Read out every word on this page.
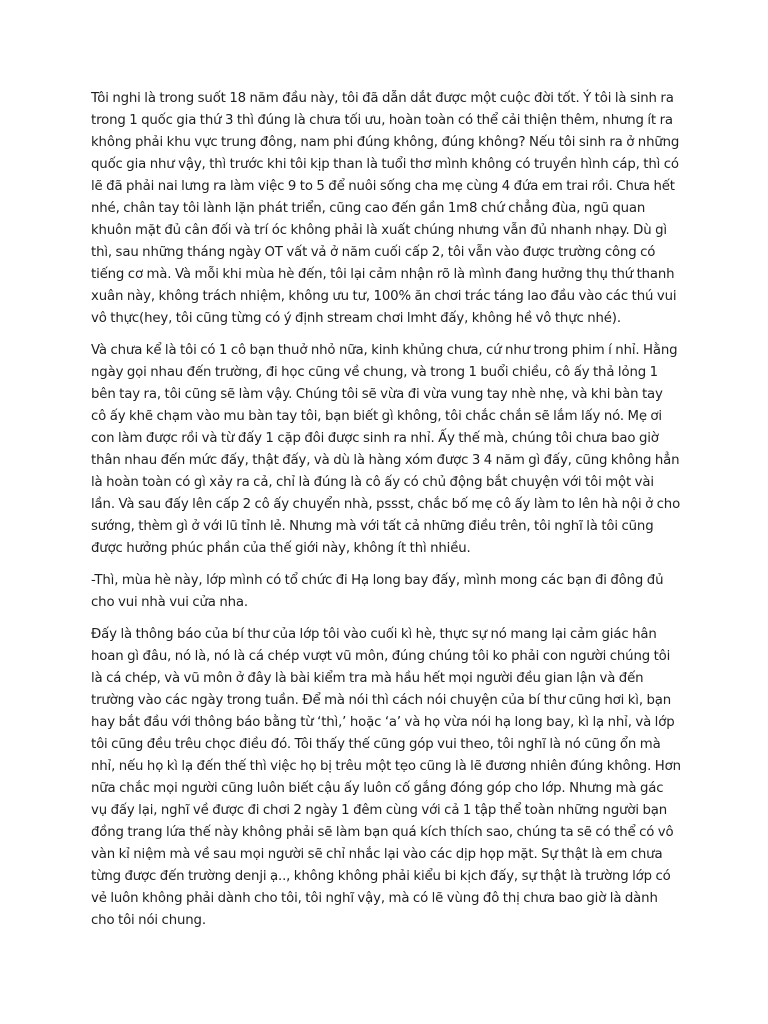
Tôi nghi là trong suốt 18 năm đầu này, tôi đã dẫn dắt được một cuộc đời tốt. Ý tôi là sinh ra trong 1 quốc gia thứ 3 thì đúng là chưa tối ưu, hoàn toàn có thể cải thiện thêm, nhưng ít ra không phải khu vực trung đông, nam phi đúng không, đúng không? Nếu tôi sinh ra ở những quốc gia như vậy, thì trước khi tôi kịp than là tuổi thơ mình không có truyền hình cáp, thì có lẽ đã phải nai lưng ra làm việc 9 to 5 để nuôi sống cha mẹ cùng 4 đứa em trai rồi. Chưa hết nhé, chân tay tôi lành lặn phát triển, cũng cao đến gần 1m8 chứ chẳng đùa, ngũ quan khuôn mặt đủ cân đối và trí óc không phải là xuất chúng nhưng vẫn đủ nhanh nhạy. Dù gì thì, sau những tháng ngày OT vất vả ở năm cuối cấp 2, tôi vẫn vào được trường công có tiếng cơ mà. Và mỗi khi mùa hè đến, tôi lại cảm nhận rõ là mình đang hưởng thụ thứ thanh xuân này, không trách nhiệm, không ưu tư, 100% ăn chơi trác táng lao đầu vào các thú vui vô thực(hey, tôi cũng từng có ý định stream chơi lmht đấy, không hề vô thực nhé).

Và chưa kể là tôi có 1 cô bạn thuở nhỏ nữa, kinh khủng chưa, cứ như trong phim í nhỉ. Hằng ngày gọi nhau đến trường, đi học cũng về chung, và trong 1 buổi chiều, cô ấy thả lỏng 1 bên tay ra, tôi cũng sẽ làm vậy. Chúng tôi sẽ vừa đi vừa vung tay nhè nhẹ, và khi bàn tay cô ấy khẽ chạm vào mu bàn tay tôi, bạn biết gì không, tôi chắc chắn sẽ lắm lấy nó. Mẹ ơi con làm được rồi và từ đấy 1 cặp đôi được sinh ra nhỉ. Ấy thế mà, chúng tôi chưa bao giờ thân nhau đến mức đấy, thật đấy, và dù là hàng xóm được 3 4 năm gì đấy, cũng không hẳn là hoàn toàn có gì xảy ra cả, chỉ là đúng là cô ấy có chủ động bắt chuyện với tôi một vài lần. Và sau đấy lên cấp 2 cô ấy chuyển nhà, pssst, chắc bố mẹ cô ấy làm to lên hà nội ở cho sướng, thèm gì ở với lũ tỉnh lẻ. Nhưng mà với tất cả những điều trên, tôi nghĩ là tôi cũng được hưởng phúc phần của thế giới này, không ít thì nhiều.

-Thì, mùa hè này, lớp mình có tổ chức đi Hạ long bay đấy, mình mong các bạn đi đông đủ cho vui nhà vui cửa nha.

Đấy là thông báo của bí thư của lớp tôi vào cuối kì hè, thực sự nó mang lại cảm giác hân hoan gì đâu, nó là, nó là cá chép vượt vũ môn, đúng chúng tôi ko phải con người chúng tôi là cá chép, và vũ môn ở đây là bài kiểm tra mà hầu hết mọi người đều gian lận và đến trường vào các ngày trong tuần. Để mà nói thì cách nói chuyện của bí thư cũng hơi kì, bạn hay bắt đầu với thông báo bằng từ ‘thì,’ hoặc ‘a’ và họ vừa nói hạ long bay, kì lạ nhỉ, và lớp tôi cũng đều trêu chọc điều đó. Tôi thấy thế cũng góp vui theo, tôi nghĩ là nó cũng ổn mà nhỉ, nếu họ kì lạ đến thế thì việc họ bị trêu một tẹo cũng là lẽ đương nhiên đúng không. Hơn nữa chắc mọi người cũng luôn biết cậu ấy luôn cố gắng đóng góp cho lớp. Nhưng mà gác vụ đấy lại, nghĩ về được đi chơi 2 ngày 1 đêm cùng với cả 1 tập thể toàn những người bạn đồng trang lứa thế này không phải sẽ làm bạn quá kích thích sao, chúng ta sẽ có thể có vô vàn kỉ niệm mà về sau mọi người sẽ chỉ nhắc lại vào các dịp họp mặt. Sự thật là em chưa từng được đến trường denji ạ.., không không phải kiểu bi kịch đấy, sự thật là trường lớp có vẻ luôn không phải dành cho tôi, tôi nghĩ vậy, mà có lẽ vùng đô thị chưa bao giờ là dành cho tôi nói chung.
